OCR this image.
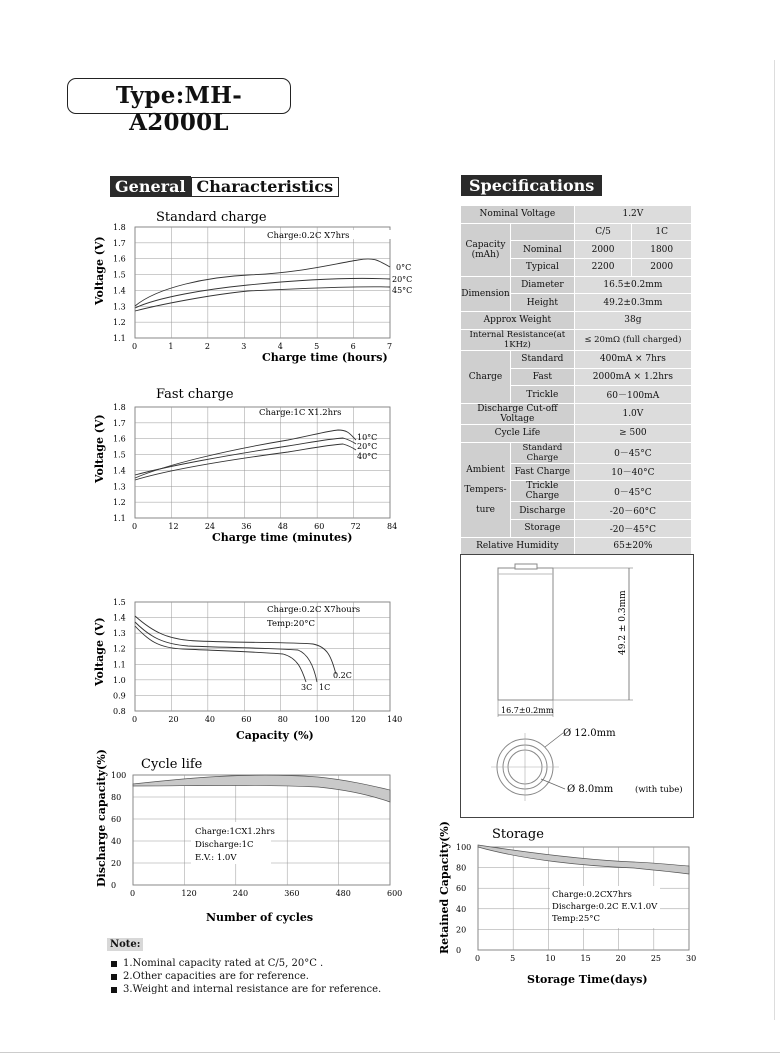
Type:MH-A2000L
General Characteristics	Specifications
Standard charge
0	1	2	3	4	5	6	7
1.8
1.7
1.6
1.5
1.4
1.3
1.2
1.1
Charge:0.2C X7hrs
0°C
20°C
45°C
Charge time (hours)
Voltage (V)
Fast charge
0	12	24	36	48	60	72	84
1.8
1.7
1.6
1.5
1.4
1.3
1.2
1.1
Charge:1C X1.2hrs
10°C
20°C
40°C
Charge time (minutes)
Voltage (V)
0	20	40	60	80	100	120	140
1.5
1.4
1.3
1.2
1.1
1.0
0.9
0.8
Charge:0.2C X7hours
Temp:20°C
3C 1C
0.2C
Capacity (%)
Voltage (V)
Cycle life
0	120	240	360	480	600
100
80
60
40
20
0
Charge:1CX1.2hrs
Discharge:1C
E.V.: 1.0V
Number of cycles
Discharge capacity(%)
Nominal Voltage		1.2V	
Capacity
(mAh)		C/5	1C
	Nominal	2000	1800
	Typical	2200	2000
Dimension	Diameter	16.5±0.2mm	
	Height	49.2±0.3mm	
Approx Weight		38g	
Internal Resistance(at 1KHz)		≤ 20mΩ (full charged)	
Charge	Standard	400mA × 7hrs	
	Fast	2000mA × 1.2hrs	
	Trickle	60－100mA	
Discharge Cut-off Voltage		1.0V	
Cycle Life		≥ 500	
Ambient

Tempers-

ture	Standard Charge	0－45°C	
	Fast Charge	10－40°C	
	Trickle Charge	0－45°C	
	Discharge	-20－60°C	
	Storage	-20－45°C	
Relative Humidity		65±20%	
49.2 ± 0.3mm
16.7±0.2mm
Ø 12.0mm
Ø 8.0mm	(with tube)
Storage
0	5	10	15	20	25	30
100
80
60
40
20
0
Charge:0.2CX7hrs
Discharge:0.2C E.V.1.0V
Temp:25°C
Storage Time(days)
Retained Capacity(%)
Note:
1.Nominal capacity rated at C/5, 20°C .
2.Other capacities are for reference.
3.Weight and internal resistance are for reference.
